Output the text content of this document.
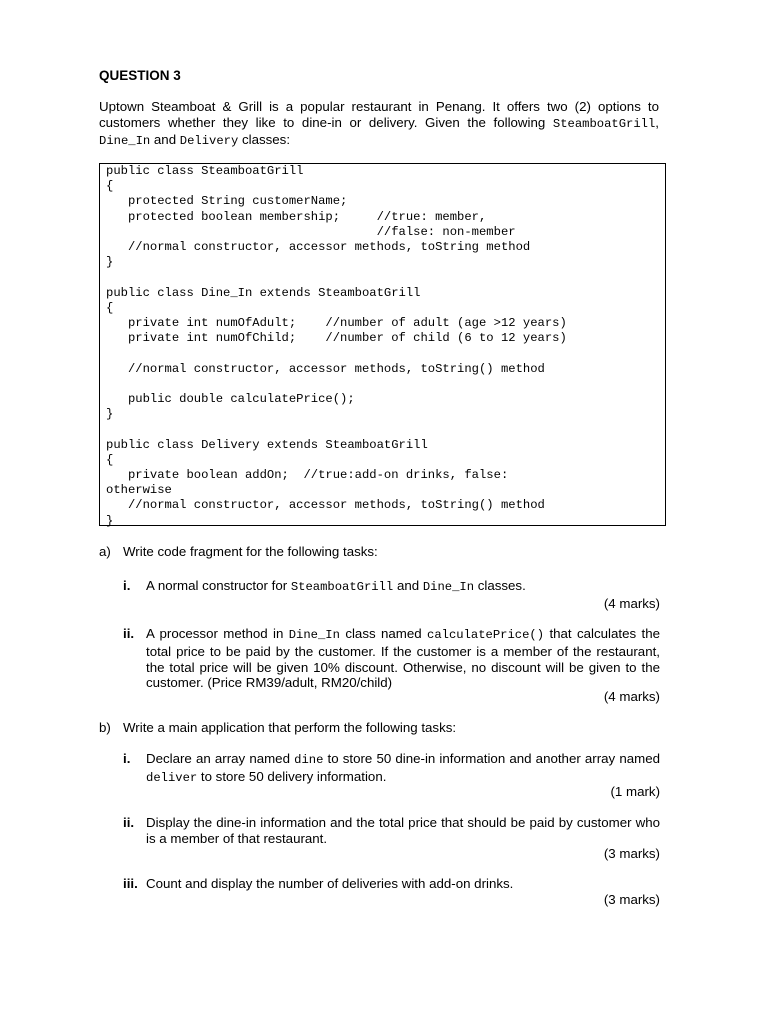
QUESTION 3
Uptown Steamboat & Grill is a popular restaurant in Penang. It offers two (2) options to customers whether they like to dine-in or delivery. Given the following SteamboatGrill, Dine_In and Delivery classes:
public class SteamboatGrill
{
protected String customerName;
protected boolean membership;     //true: member,
//false: non-member
//normal constructor, accessor methods, toString method
}

public class Dine_In extends SteamboatGrill
{
private int numOfAdult;    //number of adult (age >12 years)
private int numOfChild;    //number of child (6 to 12 years)

//normal constructor, accessor methods, toString() method

public double calculatePrice();
}

public class Delivery extends SteamboatGrill
{
private boolean addOn;  //true:add-on drinks, false:
otherwise
//normal constructor, accessor methods, toString() method
}

a) Write code fragment for the following tasks:
i. A normal constructor for SteamboatGrill and Dine_In classes.
(4 marks)
ii. A processor method in Dine_In class named calculatePrice() that calculates the total price to be paid by the customer. If the customer is a member of the restaurant, the total price will be given 10% discount. Otherwise, no discount will be given to the customer. (Price RM39/adult, RM20/child)
(4 marks)
b) Write a main application that perform the following tasks:
i. Declare an array named dine to store 50 dine-in information and another array named deliver to store 50 delivery information.
(1 mark)
ii. Display the dine-in information and the total price that should be paid by customer who is a member of that restaurant.
(3 marks)
iii. Count and display the number of deliveries with add-on drinks.
(3 marks)
